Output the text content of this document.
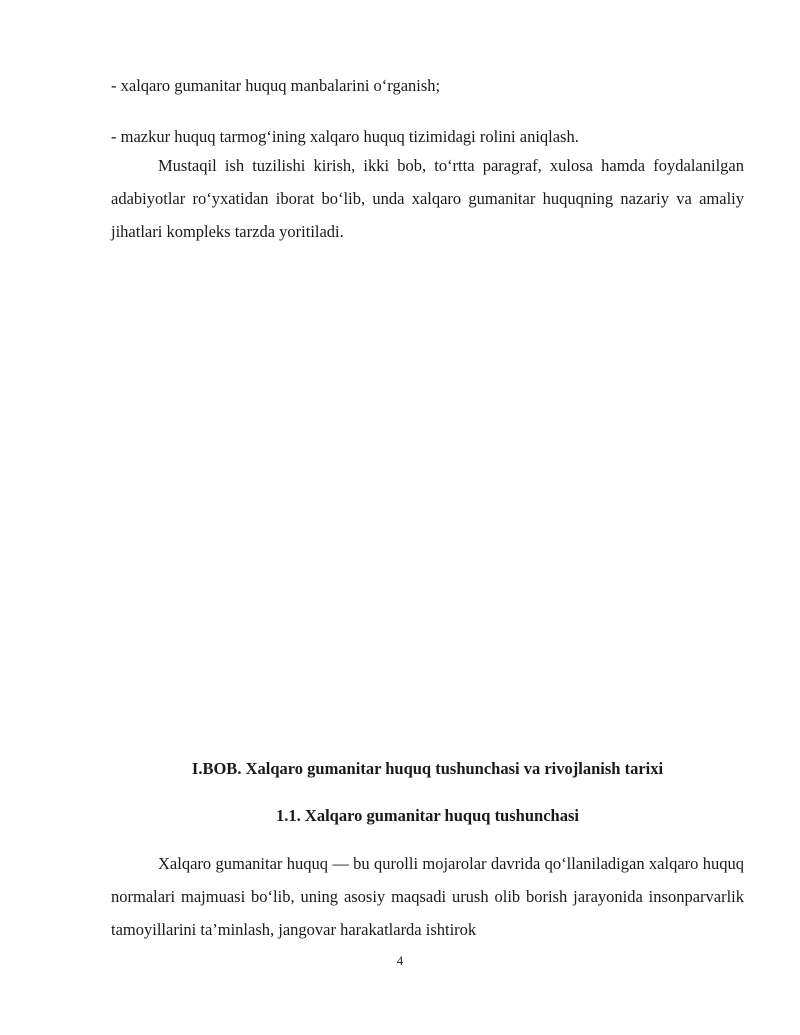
- xalqaro gumanitar huquq manbalarini o‘rganish;
- mazkur huquq tarmog‘ining xalqaro huquq tizimidagi rolini aniqlash.
Mustaqil ish tuzilishi kirish, ikki bob, to‘rtta paragraf, xulosa hamda foydalanilgan adabiyotlar ro‘yxatidan iborat bo‘lib, unda xalqaro gumanitar huquqning nazariy va amaliy jihatlari kompleks tarzda yoritiladi.
I.BOB. Xalqaro gumanitar huquq tushunchasi va rivojlanish tarixi
1.1. Xalqaro gumanitar huquq tushunchasi
Xalqaro gumanitar huquq — bu qurolli mojarolar davrida qo‘llaniladigan xalqaro huquq normalari majmuasi bo‘lib, uning asosiy maqsadi urush olib borish jarayonida insonparvarlik tamoyillarini ta’minlash, jangovar harakatlarda ishtirok
4
